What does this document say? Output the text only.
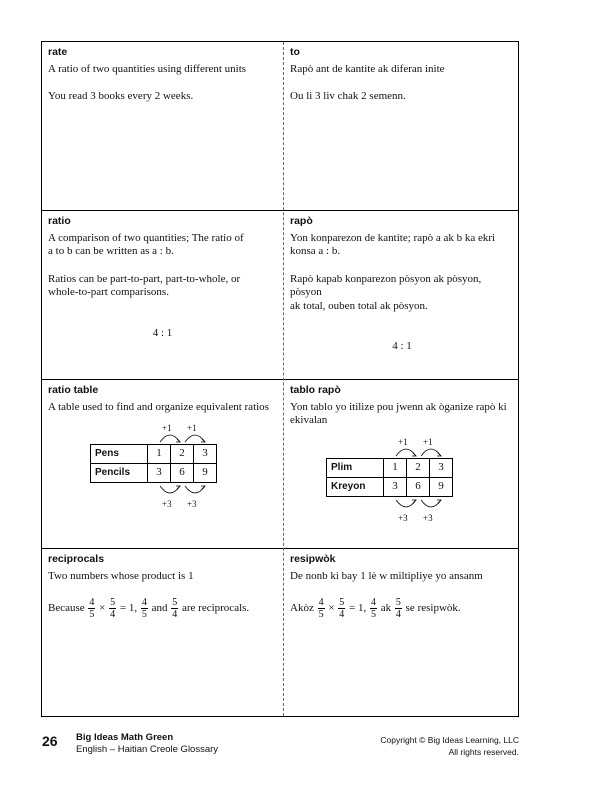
rate

A ratio of two quantities using different units

You read 3 books every 2 weeks.

to

Rapò ant de kantite ak diferan inite

Ou li 3 liv chak 2 semenn.

ratio

A comparison of two quantities; The ratio of
a to b can be written as a : b.

Ratios can be part-to-part, part-to-whole, or
whole-to-part comparisons.

4 : 1

rapò

Yon konparezon de kantite; rapò a ak b ka ekri
konsa a : b.

Rapò kapab konparezon pòsyon ak pòsyon, pòsyon
ak total, ouben total ak pòsyon.

4 : 1

ratio table

A table used to find and organize equivalent ratios

+1 +1
Pens	1	2	3
Pencils	3	6	9
+3 +3
tablo rapò

Yon tablo yo itilize pou jwenn ak òganize rapò ki
ekivalan

+1 +1
Plim	1	2	3
Kreyon	3	6	9
+3 +3
reciprocals

Two numbers whose product is 1

Because $\frac{4}{5} \times \frac{5}{4} = 1$, $\frac{4}{5}$ and $\frac{5}{4}$ are reciprocals.

resipwòk

De nonb ki bay 1 lè w miltipliye yo ansanm

Akòz $\frac{4}{5} \times \frac{5}{4} = 1$, $\frac{4}{5}$ ak $\frac{5}{4}$ se resipwòk.

26 Big Ideas Math Green
English – Haitian Creole Glossary
Copyright © Big Ideas Learning, LLC
All rights reserved.
